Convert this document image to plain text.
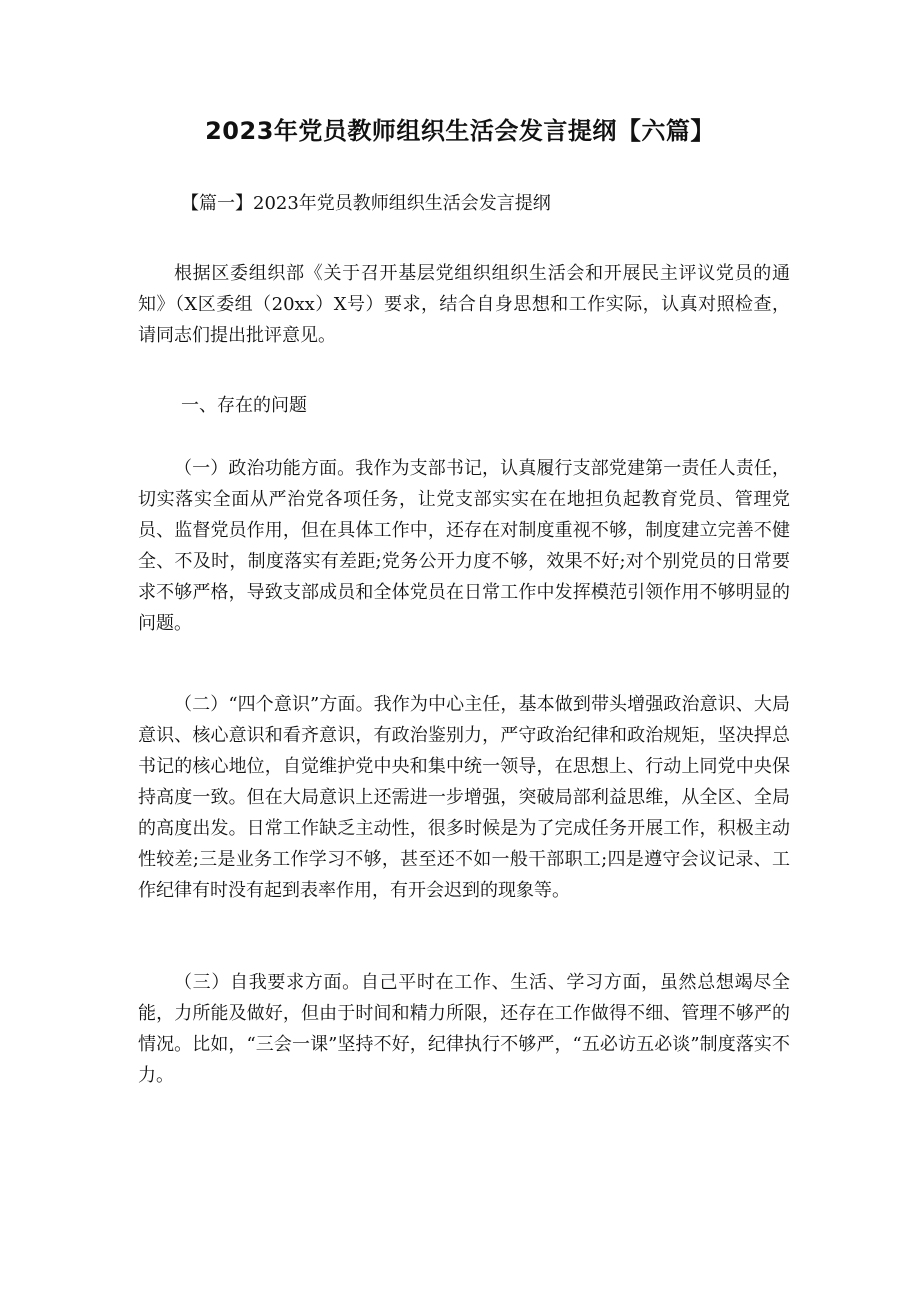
2023年党员教师组织生活会发言提纲【六篇】
【篇一】2023年党员教师组织生活会发言提纲

根据区委组织部《关于召开基层党组织组织生活会和开展民主评议党员的通知》（X区委组（20xx）X号）要求，结合自身思想和工作实际，认真对照检查，请同志们提出批评意见。

一、存在的问题

（一）政治功能方面。我作为支部书记，认真履行支部党建第一责任人责任，切实落实全面从严治党各项任务，让党支部实实在在地担负起教育党员、管理党员、监督党员作用，但在具体工作中，还存在对制度重视不够，制度建立完善不健全、不及时，制度落实有差距;党务公开力度不够，效果不好;对个别党员的日常要求不够严格，导致支部成员和全体党员在日常工作中发挥模范引领作用不够明显的问题。

（二）“四个意识”方面。我作为中心主任，基本做到带头增强政治意识、大局意识、核心意识和看齐意识，有政治鉴别力，严守政治纪律和政治规矩，坚决捍总书记的核心地位，自觉维护党中央和集中统一领导，在思想上、行动上同党中央保持高度一致。但在大局意识上还需进一步增强，突破局部利益思维，从全区、全局的高度出发。日常工作缺乏主动性，很多时候是为了完成任务开展工作，积极主动性较差;三是业务工作学习不够，甚至还不如一般干部职工;四是遵守会议记录、工作纪律有时没有起到表率作用，有开会迟到的现象等。

（三）自我要求方面。自己平时在工作、生活、学习方面，虽然总想竭尽全能，力所能及做好，但由于时间和精力所限，还存在工作做得不细、管理不够严的情况。比如，“三会一课”坚持不好，纪律执行不够严，“五必访五必谈”制度落实不力。
